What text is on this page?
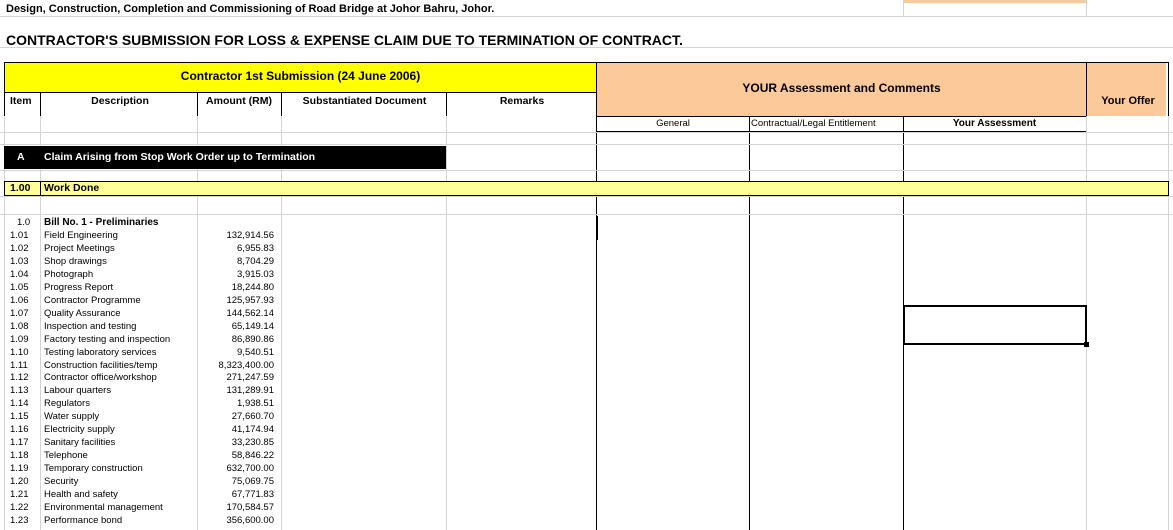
Design, Construction, Completion and Commissioning of Road Bridge at Johor Bahru, Johor.
CONTRACTOR'S SUBMISSION FOR LOSS & EXPENSE CLAIM DUE TO TERMINATION OF CONTRACT.
Contractor 1st Submission (24 June 2006)
YOUR Assessment and Comments
Your Offer
Item	Description	Amount (RM)	Substantiated Document	Remarks
General	Contractual/Legal Entitlement	Your Assessment
A Claim Arising from Stop Work Order up to Termination
1.00 Work Done
1.0 Bill No. 1 - Preliminaries
1.01	Field Engineering	132,914.56
1.02	Project Meetings	6,955.83
1.03	Shop drawings	8,704.29
1.04	Photograph	3,915.03
1.05	Progress Report	18,244.80
1.06	Contractor Programme	125,957.93
1.07	Quality Assurance	144,562.14
1.08	Inspection and testing	65,149.14
1.09	Factory testing and inspection	86,890.86
1.10	Testing laboratory services	9,540.51
1.11	Construction facilities/temp	8,323,400.00
1.12	Contractor office/workshop	271,247.59
1.13	Labour quarters	131,289.91
1.14	Regulators	1,938.51
1.15	Water supply	27,660.70
1.16	Electricity supply	41,174.94
1.17	Sanitary facilities	33,230.85
1.18	Telephone	58,846.22
1.19	Temporary construction	632,700.00
1.20	Security	75,069.75
1.21	Health and safety	67,771.83
1.22	Environmental management	170,584.57
1.23	Performance bond	356,600.00
